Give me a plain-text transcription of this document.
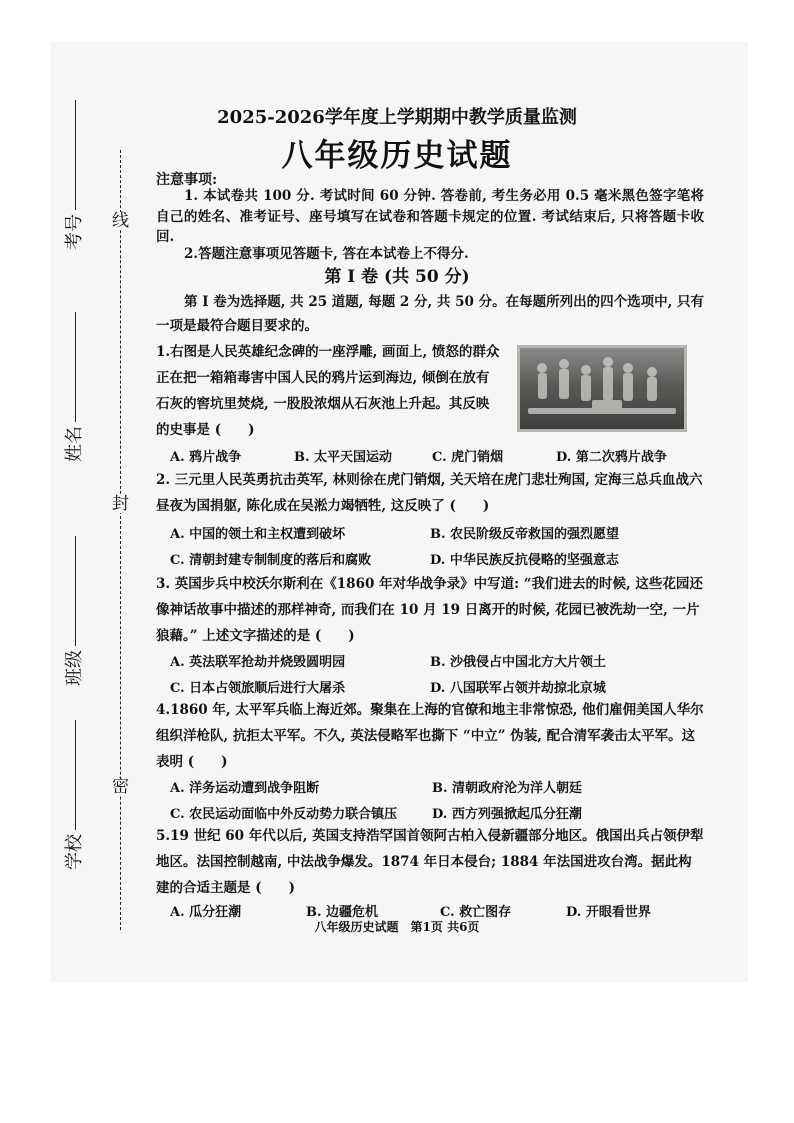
线
封
密
考号
姓名
班级
学校
2025-2026学年度上学期期中教学质量监测
八年级历史试题
注意事项:
1. 本试卷共 100 分. 考试时间 60 分钟. 答卷前, 考生务必用 0.5 毫米黑色签字笔将自己的姓名、准考证号、座号填写在试卷和答题卡规定的位置. 考试结束后, 只将答题卡收回.
2.答题注意事项见答题卡, 答在本试卷上不得分.
第 I 卷 (共 50 分)
第 I 卷为选择题, 共 25 道题, 每题 2 分, 共 50 分。在每题所列出的四个选项中, 只有一项是最符合题目要求的。
1.右图是人民英雄纪念碑的一座浮雕, 画面上, 愤怒的群众正在把一箱箱毒害中国人民的鸦片运到海边, 倾倒在放有石灰的窖坑里焚烧, 一股股浓烟从石灰池上升起。其反映的史事是 (　　)
A. 鸦片战争	B. 太平天国运动	C. 虎门销烟	D. 第二次鸦片战争
2. 三元里人民英勇抗击英军, 林则徐在虎门销烟, 关天培在虎门悲壮殉国, 定海三总兵血战六昼夜为国捐躯, 陈化成在吴淞力竭牺牲, 这反映了 (　　)
A. 中国的领土和主权遭到破坏	B. 农民阶级反帝救国的强烈愿望
C. 清朝封建专制制度的落后和腐败	D. 中华民族反抗侵略的坚强意志
3. 英国步兵中校沃尔斯利在《1860 年对华战争录》中写道: “我们进去的时候, 这些花园还像神话故事中描述的那样神奇, 而我们在 10 月 19 日离开的时候, 花园已被洗劫一空, 一片狼藉。” 上述文字描述的是 (　　)
A. 英法联军抢劫并烧毁圆明园	B. 沙俄侵占中国北方大片领土
C. 日本占领旅顺后进行大屠杀	D. 八国联军占领并劫掠北京城
4.1860 年, 太平军兵临上海近郊。聚集在上海的官僚和地主非常惊恐, 他们雇佣美国人华尔组织洋枪队, 抗拒太平军。不久, 英法侵略军也撕下 “中立” 伪装, 配合清军袭击太平军。这表明 (　　)
A. 洋务运动遭到战争阻断	B. 清朝政府沦为洋人朝廷
C. 农民运动面临中外反动势力联合镇压	D. 西方列强掀起瓜分狂潮
5.19 世纪 60 年代以后, 英国支持浩罕国首领阿古柏入侵新疆部分地区。俄国出兵占领伊犁地区。法国控制越南, 中法战争爆发。1874 年日本侵台; 1884 年法国进攻台湾。据此构建的合适主题是 (　　)
A. 瓜分狂潮	B. 边疆危机	C. 救亡图存	D. 开眼看世界
八年级历史试题　第1页 共6页
